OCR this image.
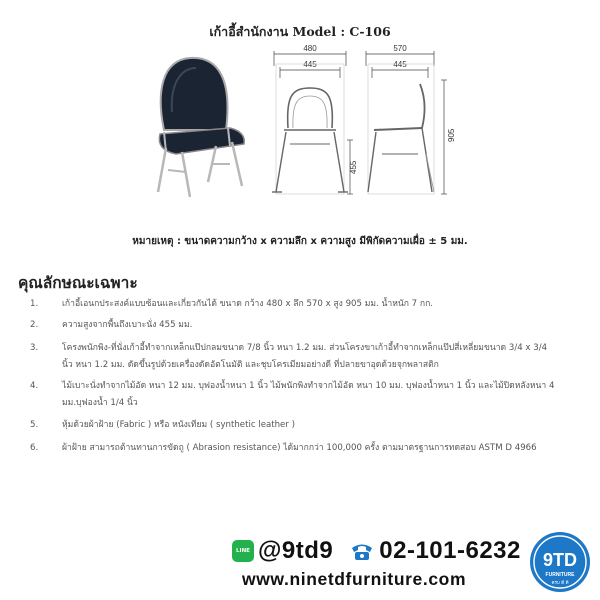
เก้าอี้สำนักงาน Model : C-106
480
445
455
570
445
905
หมายเหตุ : ขนาดความกว้าง x ความลึก x ความสูง มีพิกัดความเผื่อ ± 5 มม.
คุณลักษณะเฉพาะ
1.	เก้าอี้เอนกประสงค์แบบซ้อนและเกี่ยวกันได้ ขนาด กว้าง 480 x ลึก 570 x สูง 905 มม. น้ำหนัก 7 กก.
2.	ความสูงจากพื้นถึงเบาะนั่ง 455 มม.
3.	โครงพนักพิง-ที่นั่งเก้าอี้ทำจากเหล็กแป๊ปกลมขนาด 7/8 นิ้ว หนา 1.2 มม. ส่วนโครงขาเก้าอี้ทำจากเหล็กแป๊ปสี่เหลี่ยมขนาด 3/4 x 3/4 นิ้ว หนา 1.2 มม. ดัดขึ้นรูปด้วยเครื่องดัดอัตโนมัติ และชุบโครเมียมอย่างดี ที่ปลายขาอุดด้วยจุกพลาสติก
4.	ไม้เบาะนั่งทำจากไม้อัด หนา 12 มม. บุฟองน้ำหนา 1 นิ้ว ไม้พนักพิงทำจากไม้อัด หนา 10 มม. บุฟองน้ำหนา 1 นิ้ว และไม้ปิดหลังหนา 4 มม.บุฟองน้ำ 1/4 นิ้ว
5.	หุ้มด้วยผ้าฝ้าย (Fabric ) หรือ หนังเทียม ( synthetic leather )
6.	ผ้าฝ้าย สามารถต้านทานการขัดถู ( Abrasion resistance) ได้มากกว่า 100,000 ครั้ง ตามมาตรฐานการทดสอบ ASTM D 4966
LINE @9td9 02-101-6232
www.ninetdfurniture.com
9TD
FURNITURE
ครบ ดี ดี
